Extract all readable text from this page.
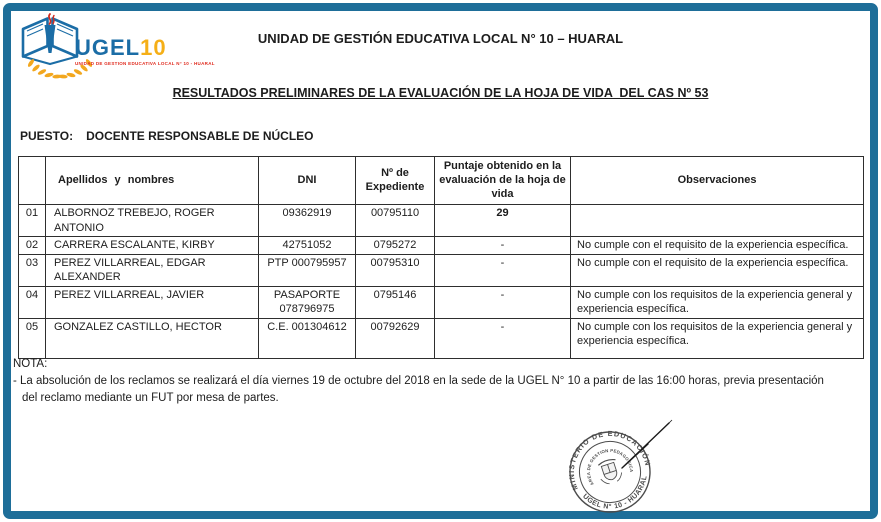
UGEL10
UNIDAD DE GESTION EDUCATIVA LOCAL N° 10 - HUARAL
UNIDAD DE GESTIÓN EDUCATIVA LOCAL N° 10 – HUARAL
RESULTADOS PRELIMINARES DE LA EVALUACIÓN DE LA HOJA DE VIDA  DEL CAS Nº 53
PUESTO: DOCENTE RESPONSABLE DE NÚCLEO
	Apellidos y nombres	DNI	Nº de Expediente	Puntaje obtenido en la evaluación de la hoja de vida	Observaciones
01	ALBORNOZ TREBEJO, ROGER ANTONIO	09362919	00795110	29	
02	CARRERA ESCALANTE, KIRBY	42751052	0795272	-	No cumple con el requisito de la experiencia específica.
03	PEREZ VILLARREAL, EDGAR ALEXANDER	PTP 000795957	00795310	-	No cumple con el requisito de la experiencia específica.
04	PEREZ VILLARREAL, JAVIER	PASAPORTE 078796975	0795146	-	No cumple con los requisitos de la experiencia general y experiencia específica.
05	GONZALEZ CASTILLO, HECTOR	C.E. 001304612	00792629	-	No cumple con los requisitos de la experiencia general y experiencia específica.
NOTA:
- La absolución de los reclamos se realizará el día viernes 19 de octubre del 2018 en la sede de la UGEL N° 10 a partir de las 16:00 horas, previa presentación
del reclamo mediante un FUT por mesa de partes.
MINISTERIO DE EDUCACIÓN
UGEL N° 10 - HUARAL
AREA DE GESTION PEDAGOGICA
